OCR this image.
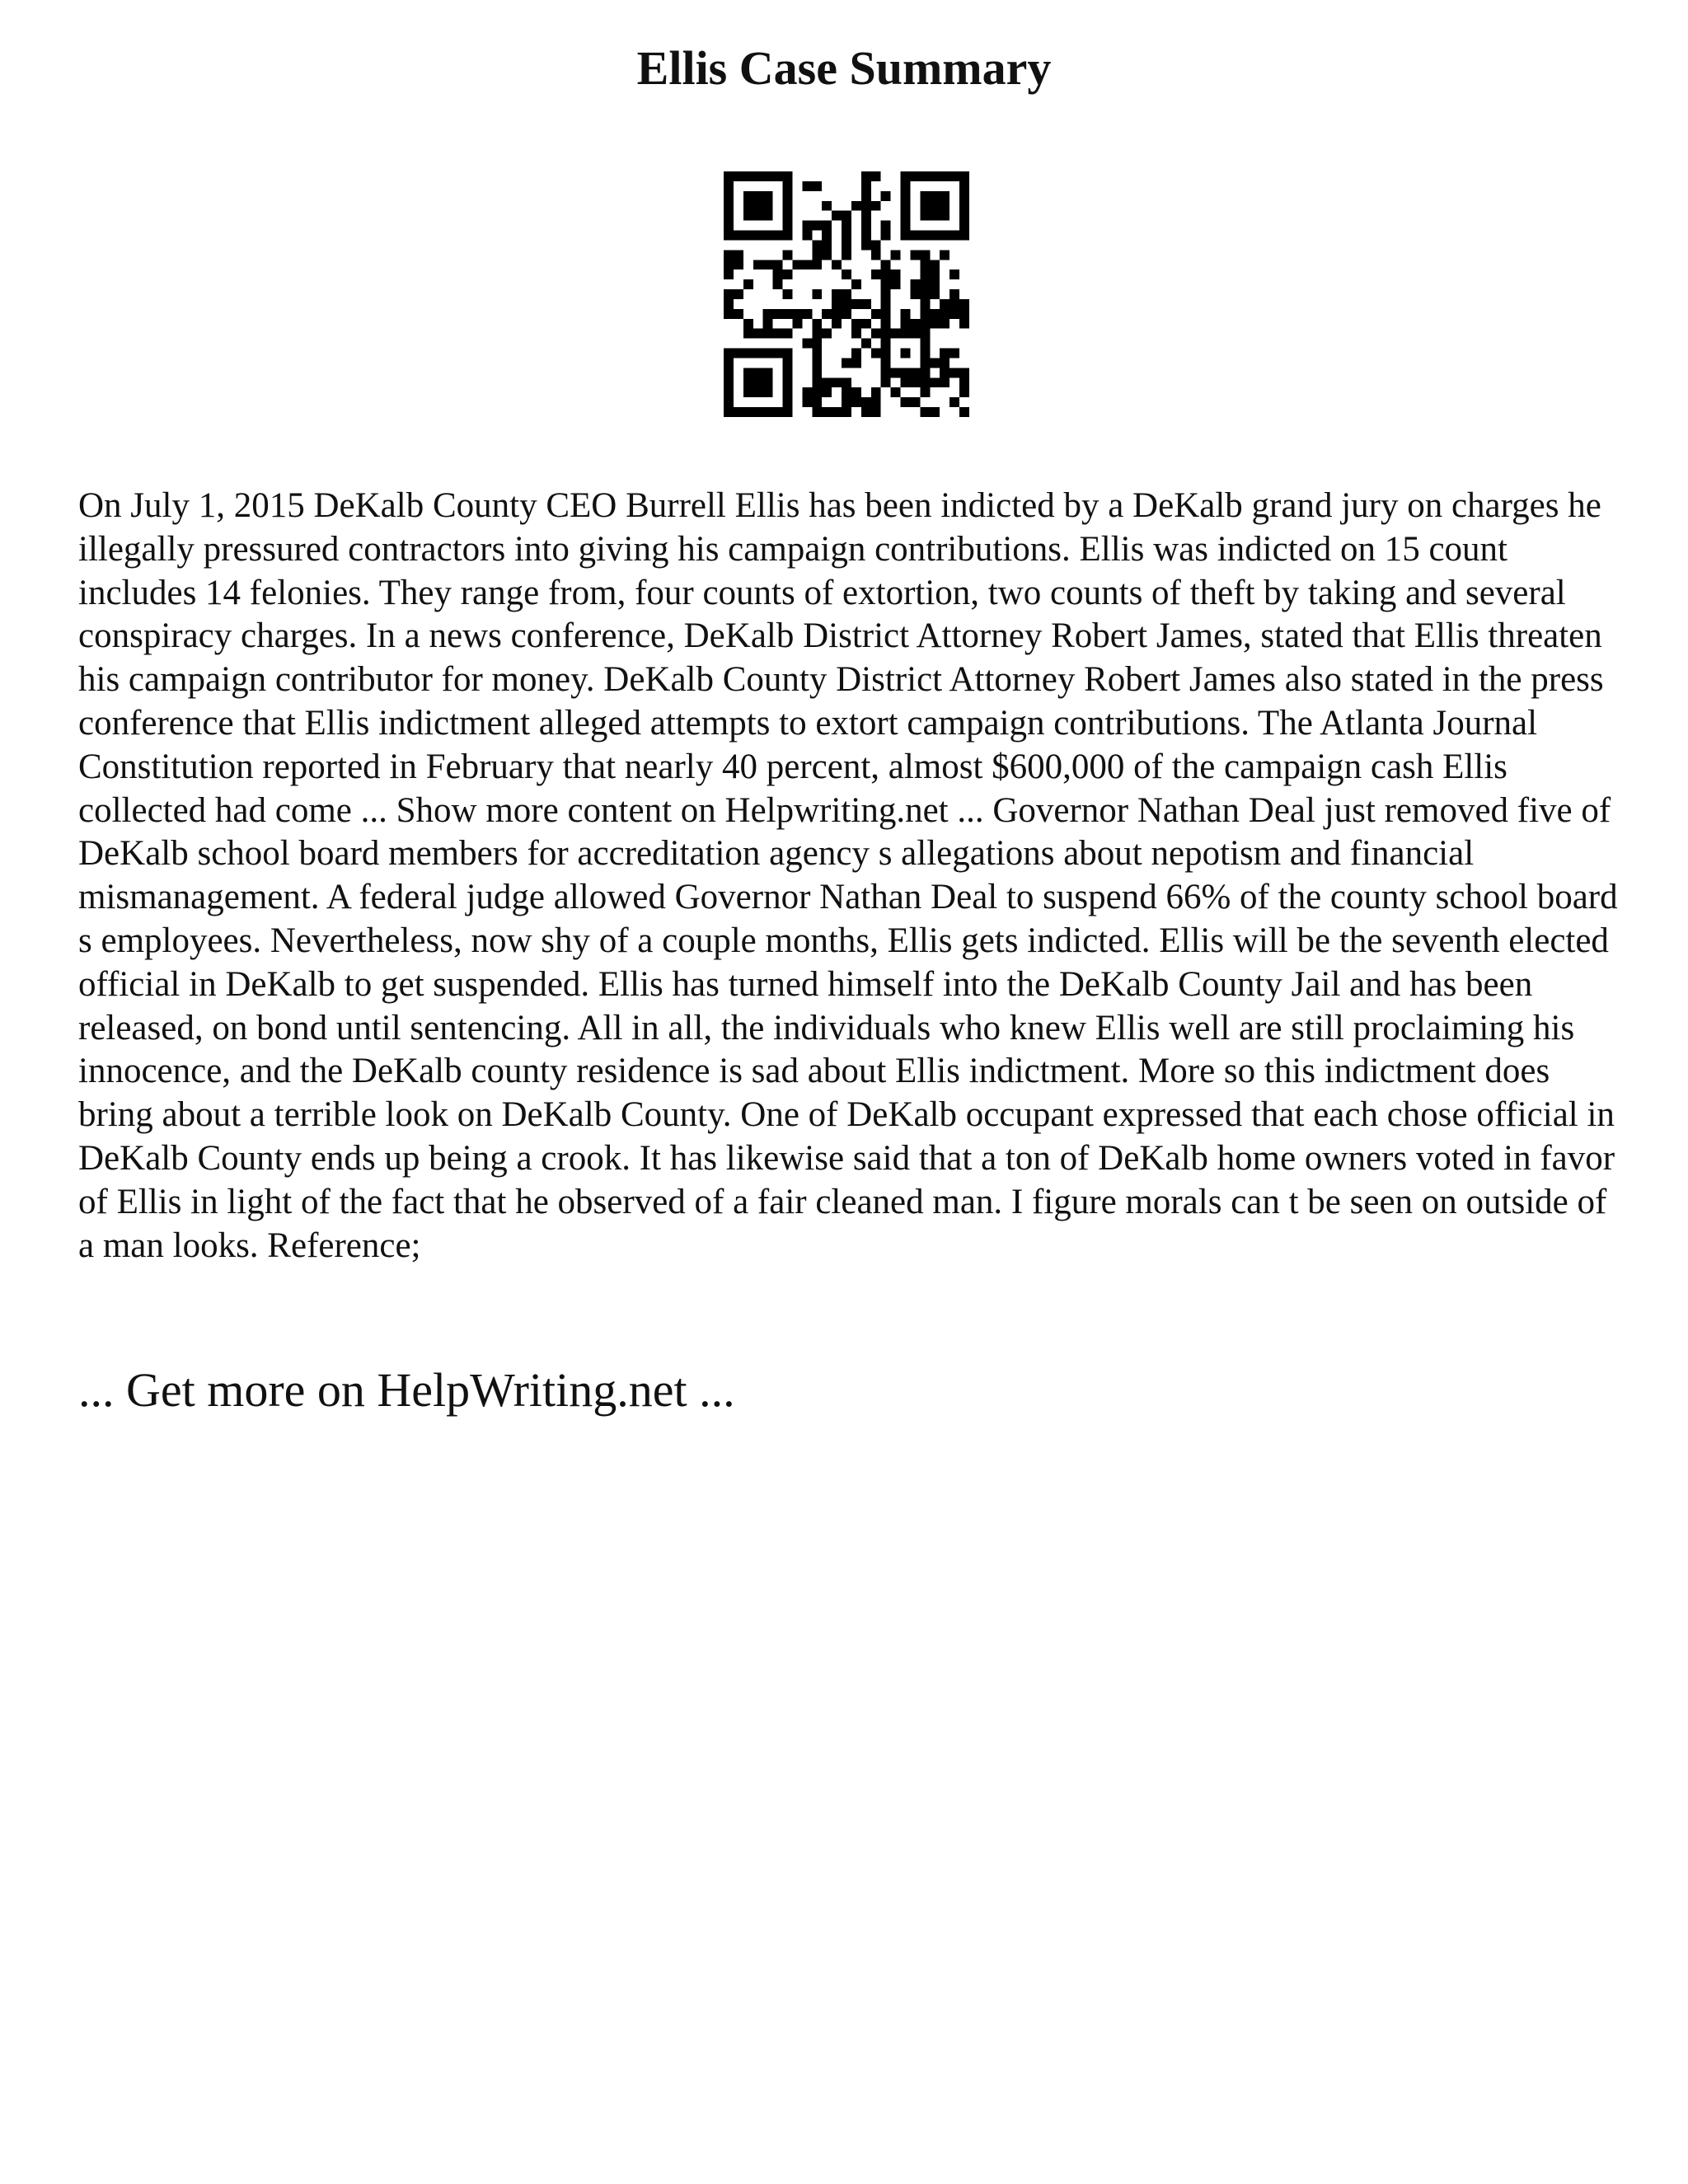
Ellis Case Summary

On July 1, 2015 DeKalb County CEO Burrell Ellis has been indicted by a DeKalb grand jury on charges he illegally pressured contractors into giving his campaign contributions. Ellis was indicted on 15 count includes 14 felonies. They range from, four counts of extortion, two counts of theft by taking and several conspiracy charges. In a news conference, DeKalb District Attorney Robert James, stated that Ellis threaten his campaign contributor for money. DeKalb County District Attorney Robert James also stated in the press conference that Ellis indictment alleged attempts to extort campaign contributions. The Atlanta Journal Constitution reported in February that nearly 40 percent, almost $600,000 of the campaign cash Ellis collected had come ... Show more content on Helpwriting.net ... Governor Nathan Deal just removed five of DeKalb school board members for accreditation agency s allegations about nepotism and financial mismanagement. A federal judge allowed Governor Nathan Deal to suspend 66% of the county school board s employees. Nevertheless, now shy of a couple months, Ellis gets indicted. Ellis will be the seventh elected official in DeKalb to get suspended. Ellis has turned himself into the DeKalb County Jail and has been released, on bond until sentencing. All in all, the individuals who knew Ellis well are still proclaiming his innocence, and the DeKalb county residence is sad about Ellis indictment. More so this indictment does bring about a terrible look on DeKalb County. One of DeKalb occupant expressed that each chose official in DeKalb County ends up being a crook. It has likewise said that a ton of DeKalb home owners voted in favor of Ellis in light of the fact that he observed of a fair cleaned man. I figure morals can t be seen on outside of a man looks. Reference;

... Get more on HelpWriting.net ...
